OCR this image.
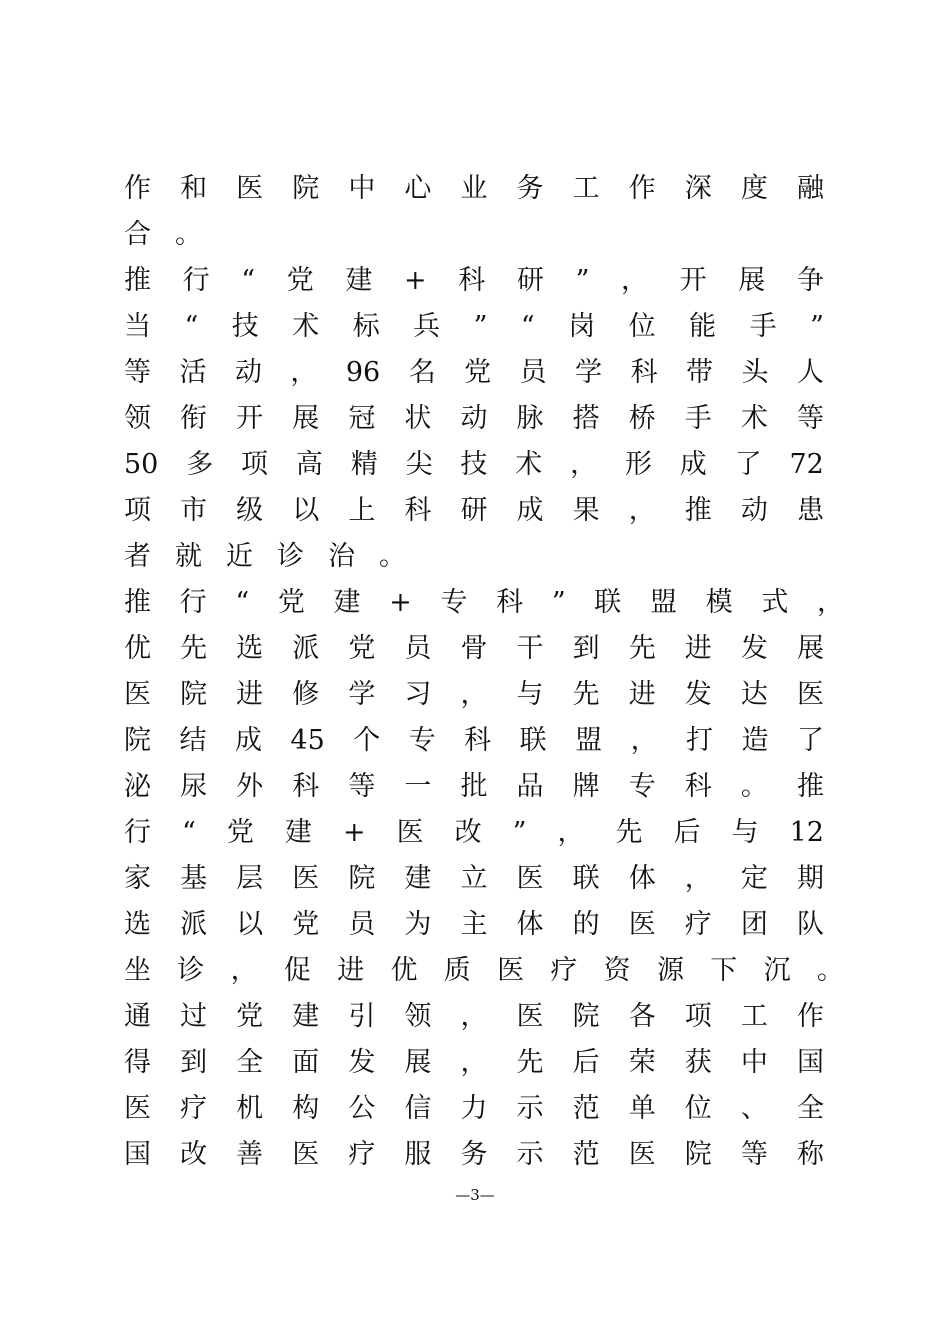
作 和 医 院 中 心 业 务 工 作 深 度 融
合 。
推 行 “ 党 建 + 科 研 ” ， 开 展 争
当 “ 技 术 标 兵 ” “ 岗 位 能 手 ”
等 活 动 ， 96 名 党 员 学 科 带 头 人
领 衔 开 展 冠 状 动 脉 搭 桥 手 术 等
50 多 项 高 精 尖 技 术 ， 形 成 了 72
项 市 级 以 上 科 研 成 果 ， 推 动 患
者 就 近 诊 治 。
推 行 “ 党 建 + 专 科 ” 联 盟 模 式 ，
优 先 选 派 党 员 骨 干 到 先 进 发 展
医 院 进 修 学 习 ， 与 先 进 发 达 医
院 结 成 45 个 专 科 联 盟 ， 打 造 了
泌 尿 外 科 等 一 批 品 牌 专 科 。 推
行 “ 党 建 + 医 改 ” ， 先 后 与 12
家 基 层 医 院 建 立 医 联 体 ， 定 期
选 派 以 党 员 为 主 体 的 医 疗 团 队
坐 诊 ， 促 进 优 质 医 疗 资 源 下 沉 。
通 过 党 建 引 领 ， 医 院 各 项 工 作
得 到 全 面 发 展 ， 先 后 荣 获 中 国
医 疗 机 构 公 信 力 示 范 单 位 、 全
国 改 善 医 疗 服 务 示 范 医 院 等 称
—3—
